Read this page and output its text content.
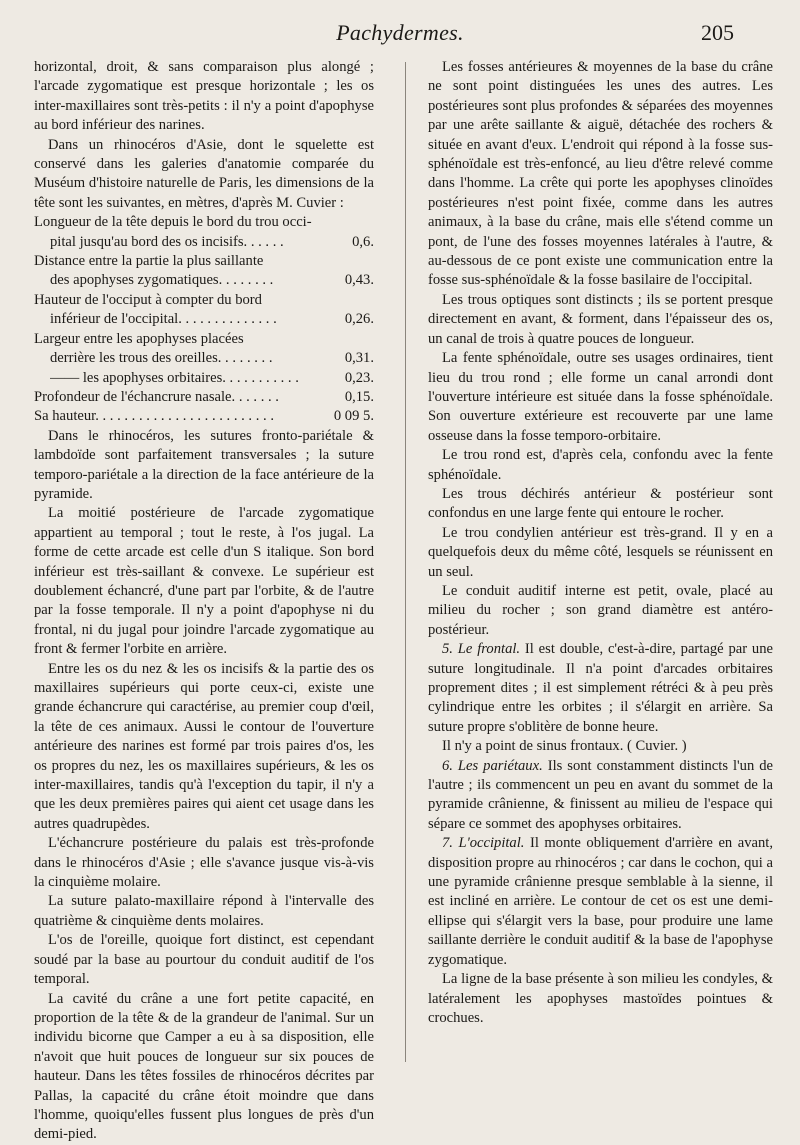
Pachydermes.	205

horizontal, droit, & sans comparaison plus alongé ; l'arcade zygomatique est presque horizontale ; les os inter-maxillaires sont très-petits : il n'y a point d'apophyse au bord inférieur des narines.

Dans un rhinocéros d'Asie, dont le squelette est conservé dans les galeries d'anatomie comparée du Muséum d'histoire naturelle de Paris, les dimensions de la tête sont les suivantes, en mètres, d'après M. Cuvier :

Longueur de la tête depuis le bord du trou occi-
pital jusqu'au bord des os incisifs. . . . . .	0,6.
Distance entre la partie la plus saillante
des apophyses zygomatiques. . . . . . . .	0,43.
Hauteur de l'occiput à compter du bord
inférieur de l'occipital. . . . . . . . . . . . . .	0,26.
Largeur entre les apophyses placées
derrière les trous des oreilles. . . . . . . .	0,31.
—— les apophyses orbitaires. . . . . . . . . . .	0,23.
Profondeur de l'échancrure nasale. . . . . . .	0,15.
Sa hauteur. . . . . . . . . . . . . . . . . . . . . . . . .	0 09 5.

Dans le rhinocéros, les sutures fronto-pariétale & lambdoïde sont parfaitement transversales ; la suture temporo-pariétale a la direction de la face antérieure de la pyramide.

La moitié postérieure de l'arcade zygomatique appartient au temporal ; tout le reste, à l'os jugal. La forme de cette arcade est celle d'un S italique. Son bord inférieur est très-saillant & convexe. Le supérieur est doublement échancré, d'une part par l'orbite, & de l'autre par la fosse temporale. Il n'y a point d'apophyse ni du frontal, ni du jugal pour joindre l'arcade zygomatique au front & fermer l'orbite en arrière.

Entre les os du nez & les os incisifs & la partie des os maxillaires supérieurs qui porte ceux-ci, existe une grande échancrure qui caractérise, au premier coup d'œil, la tête de ces animaux. Aussi le contour de l'ouverture antérieure des narines est formé par trois paires d'os, les os propres du nez, les os maxillaires supérieurs, & les os inter-maxillaires, tandis qu'à l'exception du tapir, il n'y a que les deux premières paires qui aient cet usage dans les autres quadrupèdes.

L'échancrure postérieure du palais est très-profonde dans le rhinocéros d'Asie ; elle s'avance jusque vis-à-vis la cinquième molaire.

La suture palato-maxillaire répond à l'intervalle des quatrième & cinquième dents molaires.

L'os de l'oreille, quoique fort distinct, est cependant soudé par la base au pourtour du conduit auditif de l'os temporal.

La cavité du crâne a une fort petite capacité, en proportion de la tête & de la grandeur de l'animal. Sur un individu bicorne que Camper a eu à sa disposition, elle n'avoit que huit pouces de longueur sur six pouces de hauteur. Dans les têtes fossiles de rhinocéros décrites par Pallas, la capacité du crâne étoit moindre que dans l'homme, quoiqu'elles fussent plus longues de près d'un demi-pied.

Les fosses antérieures & moyennes de la base du crâne ne sont point distinguées les unes des autres. Les postérieures sont plus profondes & séparées des moyennes par une arête saillante & aiguë, détachée des rochers & située en avant d'eux. L'endroit qui répond à la fosse sus-sphénoïdale est très-enfoncé, au lieu d'être relevé comme dans l'homme. La crête qui porte les apophyses clinoïdes postérieures n'est point fixée, comme dans les autres animaux, à la base du crâne, mais elle s'étend comme un pont, de l'une des fosses moyennes latérales à l'autre, & au-dessous de ce pont existe une communication entre la fosse sus-sphénoïdale & la fosse basilaire de l'occipital.

Les trous optiques sont distincts ; ils se portent presque directement en avant, & forment, dans l'épaisseur des os, un canal de trois à quatre pouces de longueur.

La fente sphénoïdale, outre ses usages ordinaires, tient lieu du trou rond ; elle forme un canal arrondi dont l'ouverture intérieure est située dans la fosse sphénoïdale. Son ouverture extérieure est recouverte par une lame osseuse dans la fosse temporo-orbitaire.

Le trou rond est, d'après cela, confondu avec la fente sphénoïdale.

Les trous déchirés antérieur & postérieur sont confondus en une large fente qui entoure le rocher.

Le trou condylien antérieur est très-grand. Il y en a quelquefois deux du même côté, lesquels se réunissent en un seul.

Le conduit auditif interne est petit, ovale, placé au milieu du rocher ; son grand diamètre est antéro-postérieur.

5. Le frontal. Il est double, c'est-à-dire, partagé par une suture longitudinale. Il n'a point d'arcades orbitaires proprement dites ; il est simplement rétréci & à peu près cylindrique entre les orbites ; il s'élargit en arrière. Sa suture propre s'oblitère de bonne heure.

Il n'y a point de sinus frontaux. ( Cuvier. )

6. Les pariétaux. Ils sont constamment distincts l'un de l'autre ; ils commencent un peu en avant du sommet de la pyramide crânienne, & finissent au milieu de l'espace qui sépare ce sommet des apophyses orbitaires.

7. L'occipital. Il monte obliquement d'arrière en avant, disposition propre au rhinocéros ; car dans le cochon, qui a une pyramide crânienne presque semblable à la sienne, il est incliné en arrière. Le contour de cet os est une demi-ellipse qui s'élargit vers la base, pour produire une lame saillante derrière le conduit auditif & la base de l'apophyse zygomatique.

La ligne de la base présente à son milieu les condyles, & latéralement les apophyses mastoïdes pointues & crochues.
